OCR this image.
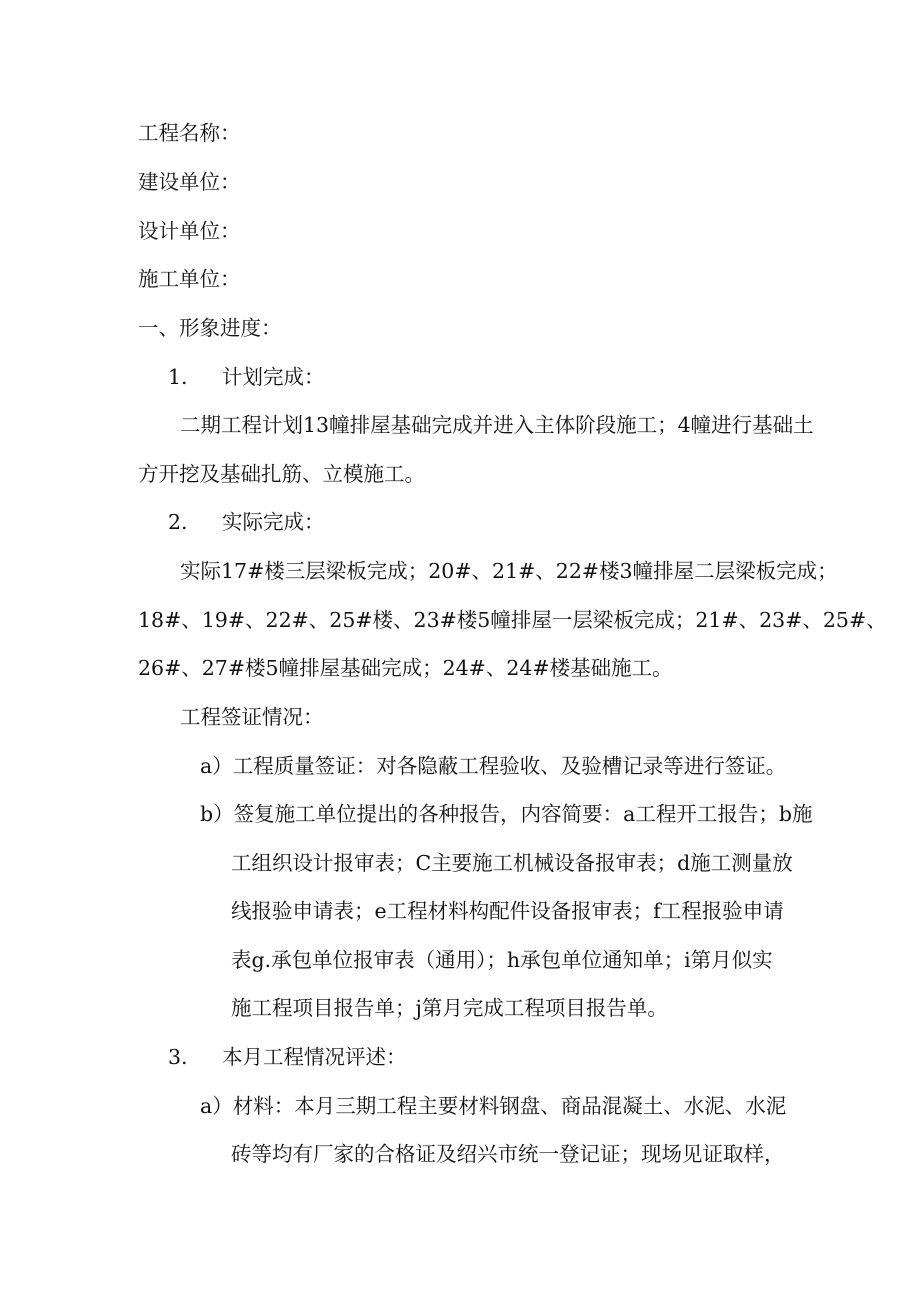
工程名称：
建设单位：
设计单位：
施工单位：
一、形象进度：
1. 计划完成：
二期工程计划13幢排屋基础完成并进入主体阶段施工；4幢进行基础土
方开挖及基础扎筋、立模施工。
2. 实际完成：
实际17#楼三层梁板完成；20#、21#、22#楼3幢排屋二层梁板完成；
18#、19#、22#、25#楼、23#楼5幢排屋一层梁板完成；21#、23#、25#、
26#、27#楼5幢排屋基础完成；24#、24#楼基础施工。
工程签证情况：
a）工程质量签证：对各隐蔽工程验收、及验槽记录等进行签证。
b）签复施工单位提出的各种报告，内容简要：a工程开工报告；b施
工组织设计报审表；C主要施工机械设备报审表；d施工测量放
线报验申请表；e工程材料构配件设备报审表；f工程报验申请
表g.承包单位报审表（通用）；h承包单位通知单；i第月似实
施工程项目报告单；j第月完成工程项目报告单。
3. 本月工程情况评述：
a）材料：本月三期工程主要材料钢盘、商品混凝土、水泥、水泥
砖等均有厂家的合格证及绍兴市统一登记证；现场见证取样，
